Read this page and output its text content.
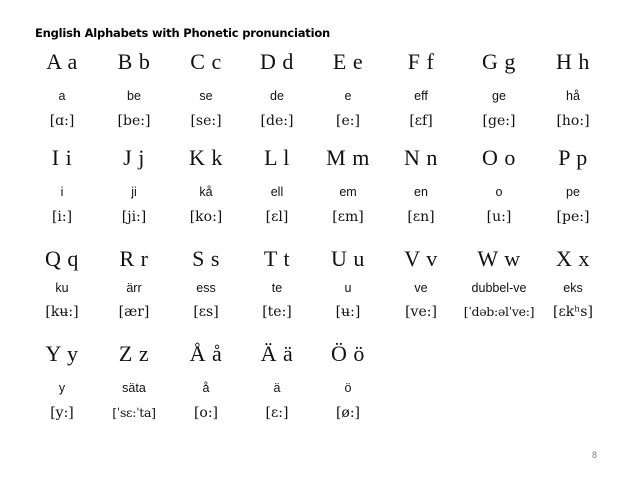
English Alphabets with Phonetic pronunciation
A a
a
[ɑ:]
B b
be
[be:]
C c
se
[se:]
D d
de
[de:]
E e
e
[e:]
F f
eff
[ɛf]
G g
ge
[ge:]
H h
hå
[ho:]
I i
i
[i:]
J j
ji
[ji:]
K k
kå
[ko:]
L l
ell
[ɛl]
M m
em
[ɛm]
N n
en
[ɛn]
O o
o
[u:]
P p
pe
[pe:]
Q q
ku
[kʉ:]
R r
ärr
[ær]
S s
ess
[ɛs]
T t
te
[te:]
U u
u
[ʉ:]
V v
ve
[ve:]
W w
dubbel-ve
[ˈdəb:əlˈve:]
X x
eks
[ɛkʰs]
Y y
y
[y:]
Z z
säta
[ˈsɛ:ˈta]
Å å
å
[o:]
Ä ä
ä
[ɛ:]
Ö ö
ö
[ø:]
8
